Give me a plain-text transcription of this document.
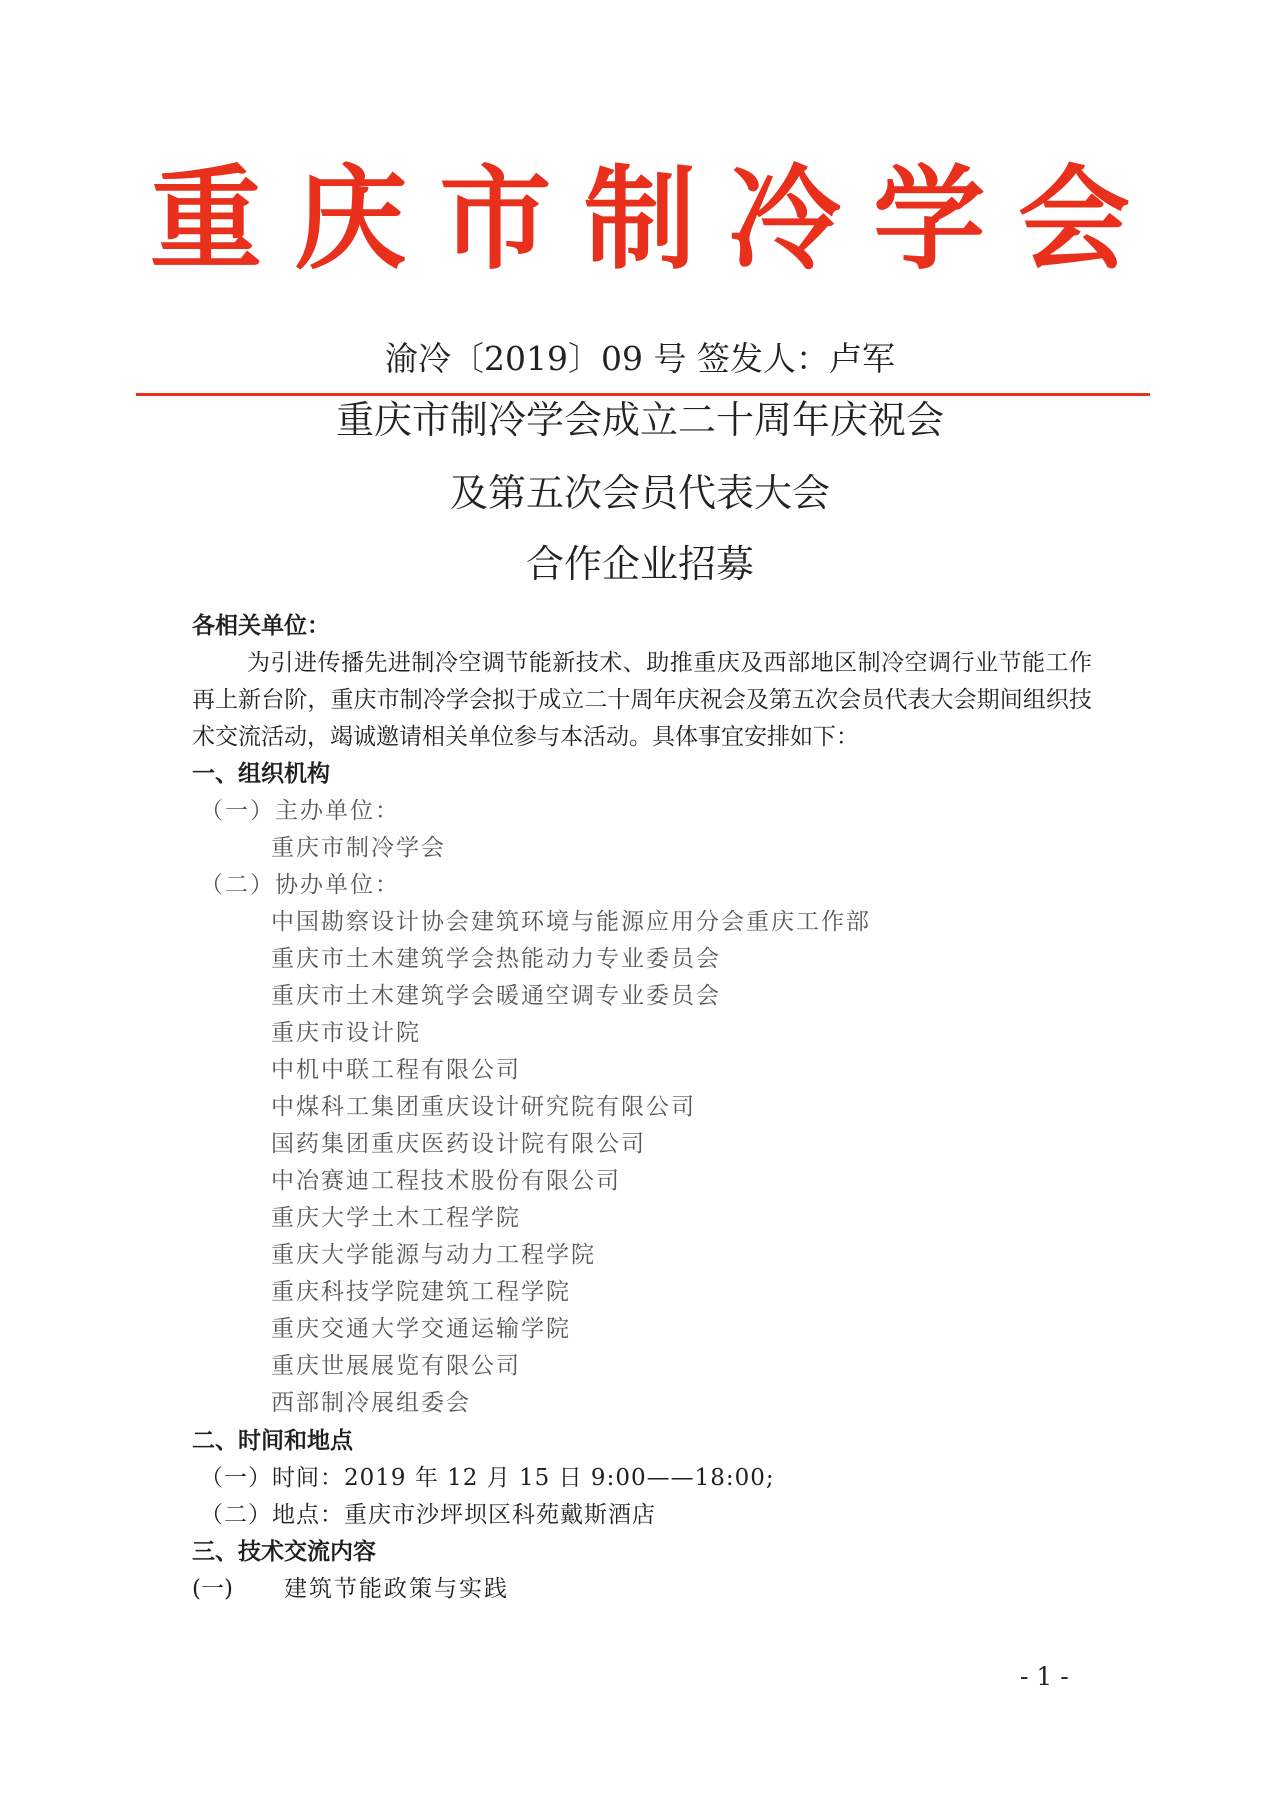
重 庆 市 制 冷 学 会
渝冷〔2019〕09 号 签发人：卢军
重庆市制冷学会成立二十周年庆祝会
及第五次会员代表大会
合作企业招募
各相关单位：
为引进传播先进制冷空调节能新技术、助推重庆及西部地区制冷空调行业节能工作再上新台阶，重庆市制冷学会拟于成立二十周年庆祝会及第五次会员代表大会期间组织技术交流活动，竭诚邀请相关单位参与本活动。具体事宜安排如下：
一、组织机构
（一）主办单位：
重庆市制冷学会
（二）协办单位：
中国勘察设计协会建筑环境与能源应用分会重庆工作部
重庆市土木建筑学会热能动力专业委员会
重庆市土木建筑学会暖通空调专业委员会
重庆市设计院
中机中联工程有限公司
中煤科工集团重庆设计研究院有限公司
国药集团重庆医药设计院有限公司
中冶赛迪工程技术股份有限公司
重庆大学土木工程学院
重庆大学能源与动力工程学院
重庆科技学院建筑工程学院
重庆交通大学交通运输学院
重庆世展展览有限公司
西部制冷展组委会
二、时间和地点
（一）时间：2019 年 12 月 15 日 9:00——18:00;
（二）地点：重庆市沙坪坝区科苑戴斯酒店
三、技术交流内容
(一) 建筑节能政策与实践
- 1 -
